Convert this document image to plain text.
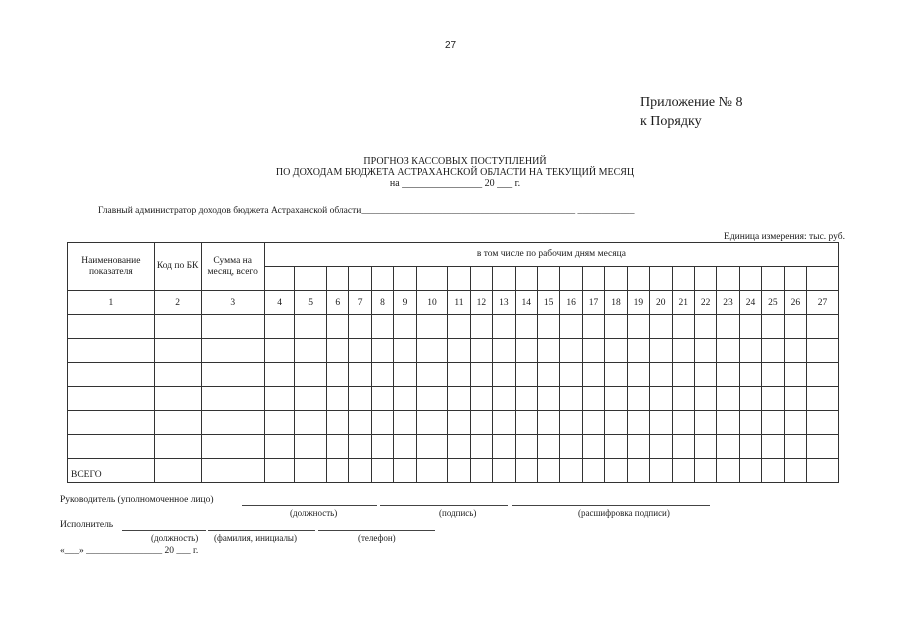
27
Приложение № 8
к Порядку
ПРОГНОЗ КАССОВЫХ ПОСТУПЛЕНИЙ
ПО ДОХОДАМ БЮДЖЕТА АСТРАХАНСКОЙ ОБЛАСТИ НА ТЕКУЩИЙ МЕСЯЦ
на ________________ 20 ___ г.
Главный администратор доходов бюджета Астраханской области_____________________________________________ ____________
Единица измерения: тыс. руб.
Наименование показателя	Код по БК	Сумма на месяц, всего	в том числе по рабочим дням месяца																							

1	2	3	4	5	6	7	8	9	10	11	12	13	14	15	16	17	18	19	20	21	22	23	24	25	26	27

ВСЕГО																										
Руководитель (уполномоченное лицо)
(должность)	(подпись)	(расшифровка подписи)
Исполнитель
(должность) (фамилия, инициалы)	(телефон)
«___» ________________ 20 ___ г.
